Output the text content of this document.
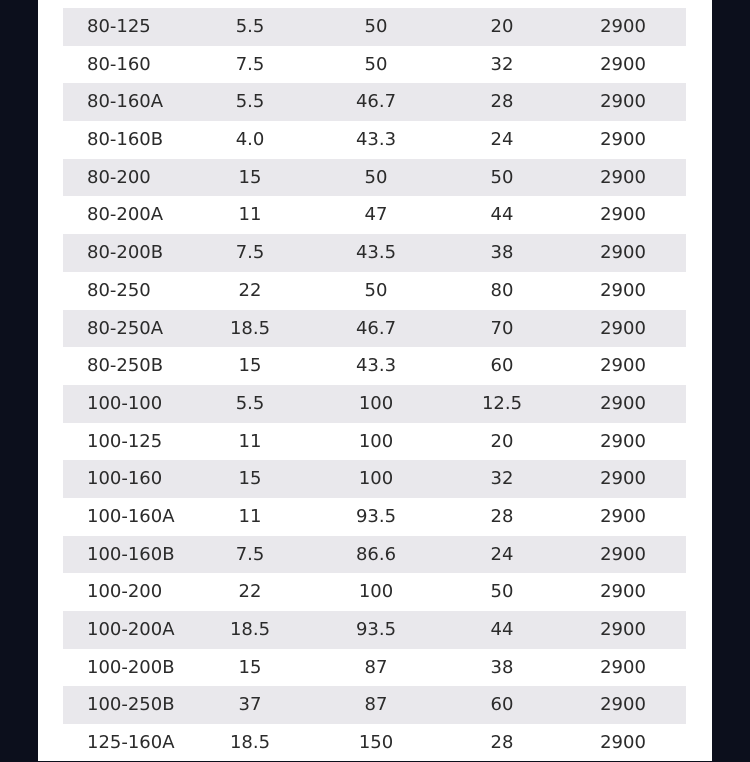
80-125	5.5	50	20	2900
80-160	7.5	50	32	2900
80-160A	5.5	46.7	28	2900
80-160B	4.0	43.3	24	2900
80-200	15	50	50	2900
80-200A	11	47	44	2900
80-200B	7.5	43.5	38	2900
80-250	22	50	80	2900
80-250A	18.5	46.7	70	2900
80-250B	15	43.3	60	2900
100-100	5.5	100	12.5	2900
100-125	11	100	20	2900
100-160	15	100	32	2900
100-160A	11	93.5	28	2900
100-160B	7.5	86.6	24	2900
100-200	22	100	50	2900
100-200A	18.5	93.5	44	2900
100-200B	15	87	38	2900
100-250B	37	87	60	2900
125-160A	18.5	150	28	2900
